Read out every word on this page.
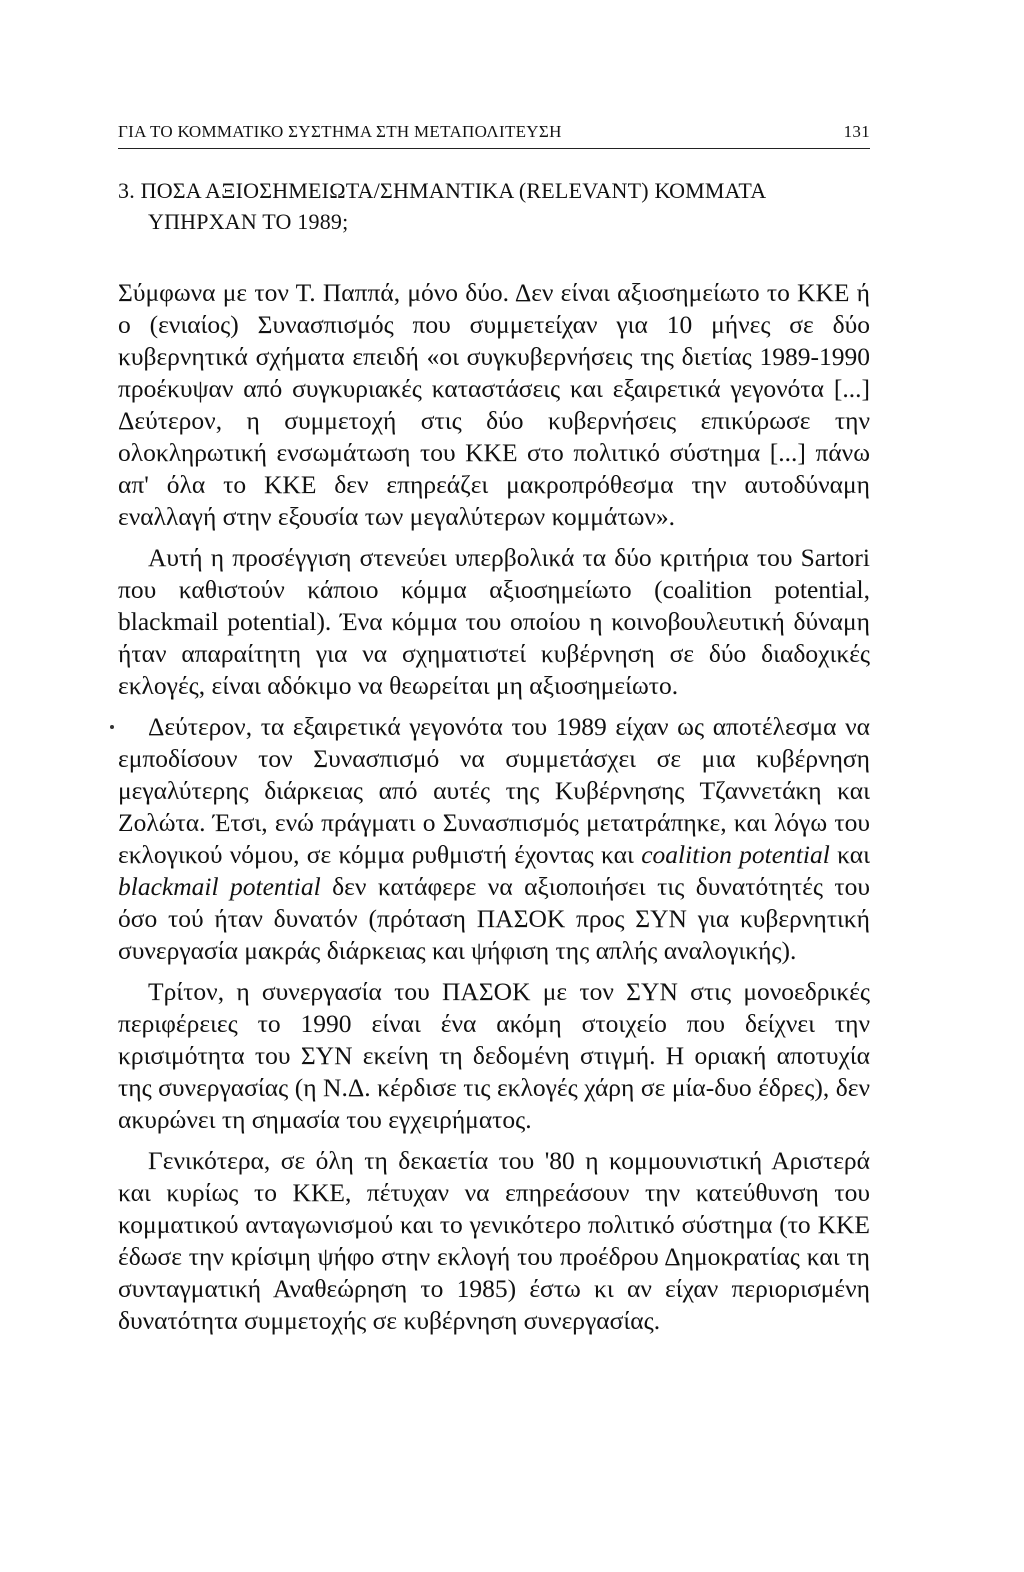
ΓΙΑ ΤΟ ΚΟΜΜΑΤΙΚΟ ΣΥΣΤΗΜΑ ΣΤΗ ΜΕΤΑΠΟΛΙΤΕΥΣΗ	131
3. ΠΟΣΑ ΑΞΙΟΣΗΜΕΙΩΤΑ/ΣΗΜΑΝΤΙΚΑ (RELEVANT) ΚΟΜΜΑΤΑ
ΥΠΗΡΧΑΝ ΤΟ 1989;

Σύμφωνα με τον Τ. Παππά, μόνο δύο. Δεν είναι αξιοσημείωτο το ΚΚΕ ή ο (ενιαίος) Συνασπισμός που συμμετείχαν για 10 μήνες σε δύο κυβερνητικά σχήματα επειδή «οι συγκυβερνήσεις της διετίας 1989-1990 προέκυψαν από συγκυριακές καταστάσεις και εξαιρετικά γεγονότα [...] Δεύτερον, η συμμετοχή στις δύο κυβερνήσεις επικύρωσε την ολοκληρωτική ενσωμάτωση του ΚΚΕ στο πολιτικό σύστημα [...] πάνω απ' όλα το ΚΚΕ δεν επηρεάζει μακροπρόθεσμα την αυτοδύναμη εναλλαγή στην εξουσία των μεγαλύτερων κομμάτων».

Αυτή η προσέγγιση στενεύει υπερβολικά τα δύο κριτήρια του Sartori που καθιστούν κάποιο κόμμα αξιοσημείωτο (coalition potential, blackmail potential). Ένα κόμμα του οποίου η κοινοβουλευτική δύναμη ήταν απαραίτητη για να σχηματιστεί κυβέρνηση σε δύο διαδοχικές εκλογές, είναι αδόκιμο να θεωρείται μη αξιοσημείωτο.

Δεύτερον, τα εξαιρετικά γεγονότα του 1989 είχαν ως αποτέλεσμα να εμποδίσουν τον Συνασπισμό να συμμετάσχει σε μια κυβέρνηση μεγαλύτερης διάρκειας από αυτές της Κυβέρνησης Τζαννετάκη και Ζολώτα. Έτσι, ενώ πράγματι ο Συνασπισμός μετατράπηκε, και λόγω του εκλογικού νόμου, σε κόμμα ρυθμιστή έχοντας και coalition potential και blackmail potential δεν κατάφερε να αξιοποιήσει τις δυνατότητές του όσο τού ήταν δυνατόν (πρόταση ΠΑΣΟΚ προς ΣΥΝ για κυβερνητική συνεργασία μακράς διάρκειας και ψήφιση της απλής αναλογικής).

Τρίτον, η συνεργασία του ΠΑΣΟΚ με τον ΣΥΝ στις μονοεδρικές περιφέρειες το 1990 είναι ένα ακόμη στοιχείο που δείχνει την κρισιμότητα του ΣΥΝ εκείνη τη δεδομένη στιγμή. Η οριακή αποτυχία της συνεργασίας (η Ν.Δ. κέρδισε τις εκλογές χάρη σε μία-δυο έδρες), δεν ακυρώνει τη σημασία του εγχειρήματος.

Γενικότερα, σε όλη τη δεκαετία του '80 η κομμουνιστική Αριστερά και κυρίως το ΚΚΕ, πέτυχαν να επηρεάσουν την κατεύθυνση του κομματικού ανταγωνισμού και το γενικότερο πολιτικό σύστημα (το ΚΚΕ έδωσε την κρίσιμη ψήφο στην εκλογή του προέδρου Δημοκρατίας και τη συνταγματική Αναθεώρηση το 1985) έστω κι αν είχαν περιορισμένη δυνατότητα συμμετοχής σε κυβέρνηση συνεργασίας.
